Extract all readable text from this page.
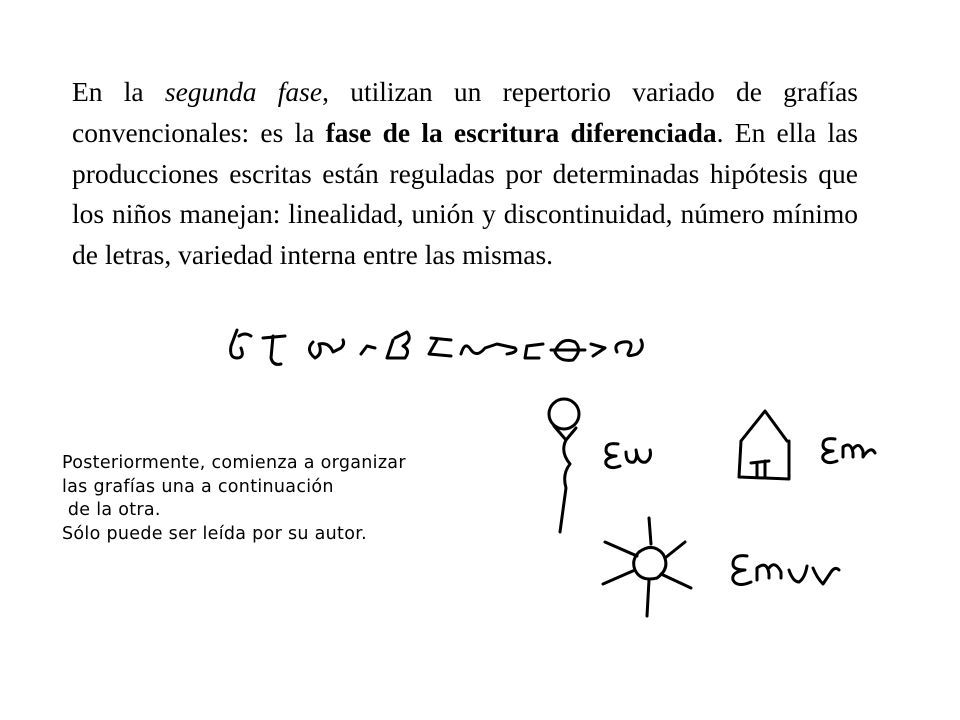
En la segunda fase, utilizan un repertorio variado de grafías convencionales: es la fase de la escritura diferenciada. En ella las producciones escritas están reguladas por determinadas hipótesis que los niños manejan: linealidad, unión y discontinuidad, número mínimo de letras, variedad interna entre las mismas.

Posteriormente, comienza a organizar
las grafías una a continuación
de la otra.
Sólo puede ser leída por su autor.
